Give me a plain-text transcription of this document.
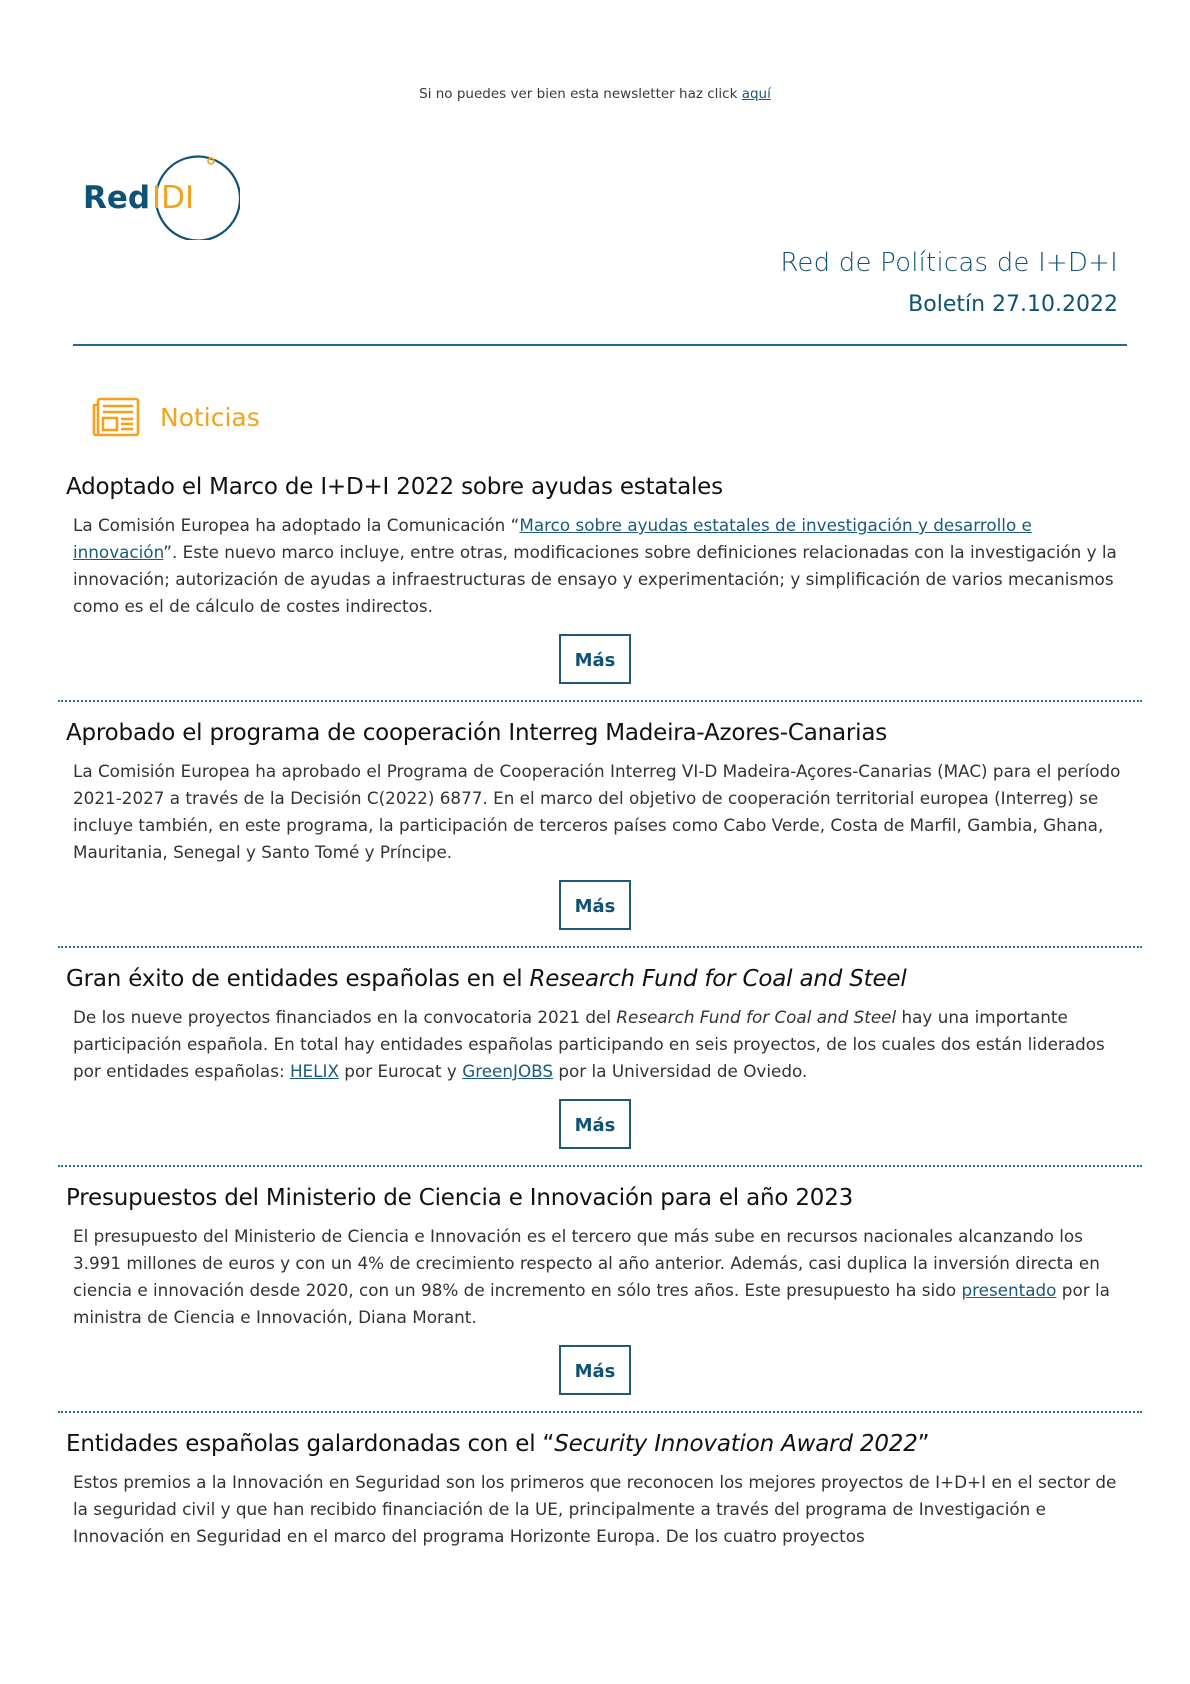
Si no puedes ver bien esta newsletter haz click aquí
Red IDI
Red de Políticas de I+D+I
Boletín 27.10.2022
Noticias
Adoptado el Marco de I+D+I 2022 sobre ayudas estatales

La Comisión Europea ha adoptado la Comunicación “Marco sobre ayudas estatales de investigación y desarrollo e innovación”. Este nuevo marco incluye, entre otras, modificaciones sobre definiciones relacionadas con la investigación y la innovación; autorización de ayudas a infraestructuras de ensayo y experimentación; y simplificación de varios mecanismos como es el de cálculo de costes indirectos.

Más
Aprobado el programa de cooperación Interreg Madeira-Azores-Canarias

La Comisión Europea ha aprobado el Programa de Cooperación Interreg VI-D Madeira-Açores-Canarias (MAC) para el período 2021-2027 a través de la Decisión C(2022) 6877. En el marco del objetivo de cooperación territorial europea (Interreg) se incluye también, en este programa, la participación de terceros países como Cabo Verde, Costa de Marfil, Gambia, Ghana, Mauritania, Senegal y Santo Tomé y Príncipe.

Más
Gran éxito de entidades españolas en el Research Fund for Coal and Steel

De los nueve proyectos financiados en la convocatoria 2021 del Research Fund for Coal and Steel hay una importante participación española. En total hay entidades españolas participando en seis proyectos, de los cuales dos están liderados por entidades españolas: HELIX por Eurocat y GreenJOBS por la Universidad de Oviedo.

Más
Presupuestos del Ministerio de Ciencia e Innovación para el año 2023

El presupuesto del Ministerio de Ciencia e Innovación es el tercero que más sube en recursos nacionales alcanzando los 3.991 millones de euros y con un 4% de crecimiento respecto al año anterior. Además, casi duplica la inversión directa en ciencia e innovación desde 2020, con un 98% de incremento en sólo tres años. Este presupuesto ha sido presentado por la ministra de Ciencia e Innovación, Diana Morant.

Más
Entidades españolas galardonadas con el “Security Innovation Award 2022”

Estos premios a la Innovación en Seguridad son los primeros que reconocen los mejores proyectos de I+D+I en el sector de la seguridad civil y que han recibido financiación de la UE, principalmente a través del programa de Investigación e Innovación en Seguridad en el marco del programa Horizonte Europa. De los cuatro proyectos
